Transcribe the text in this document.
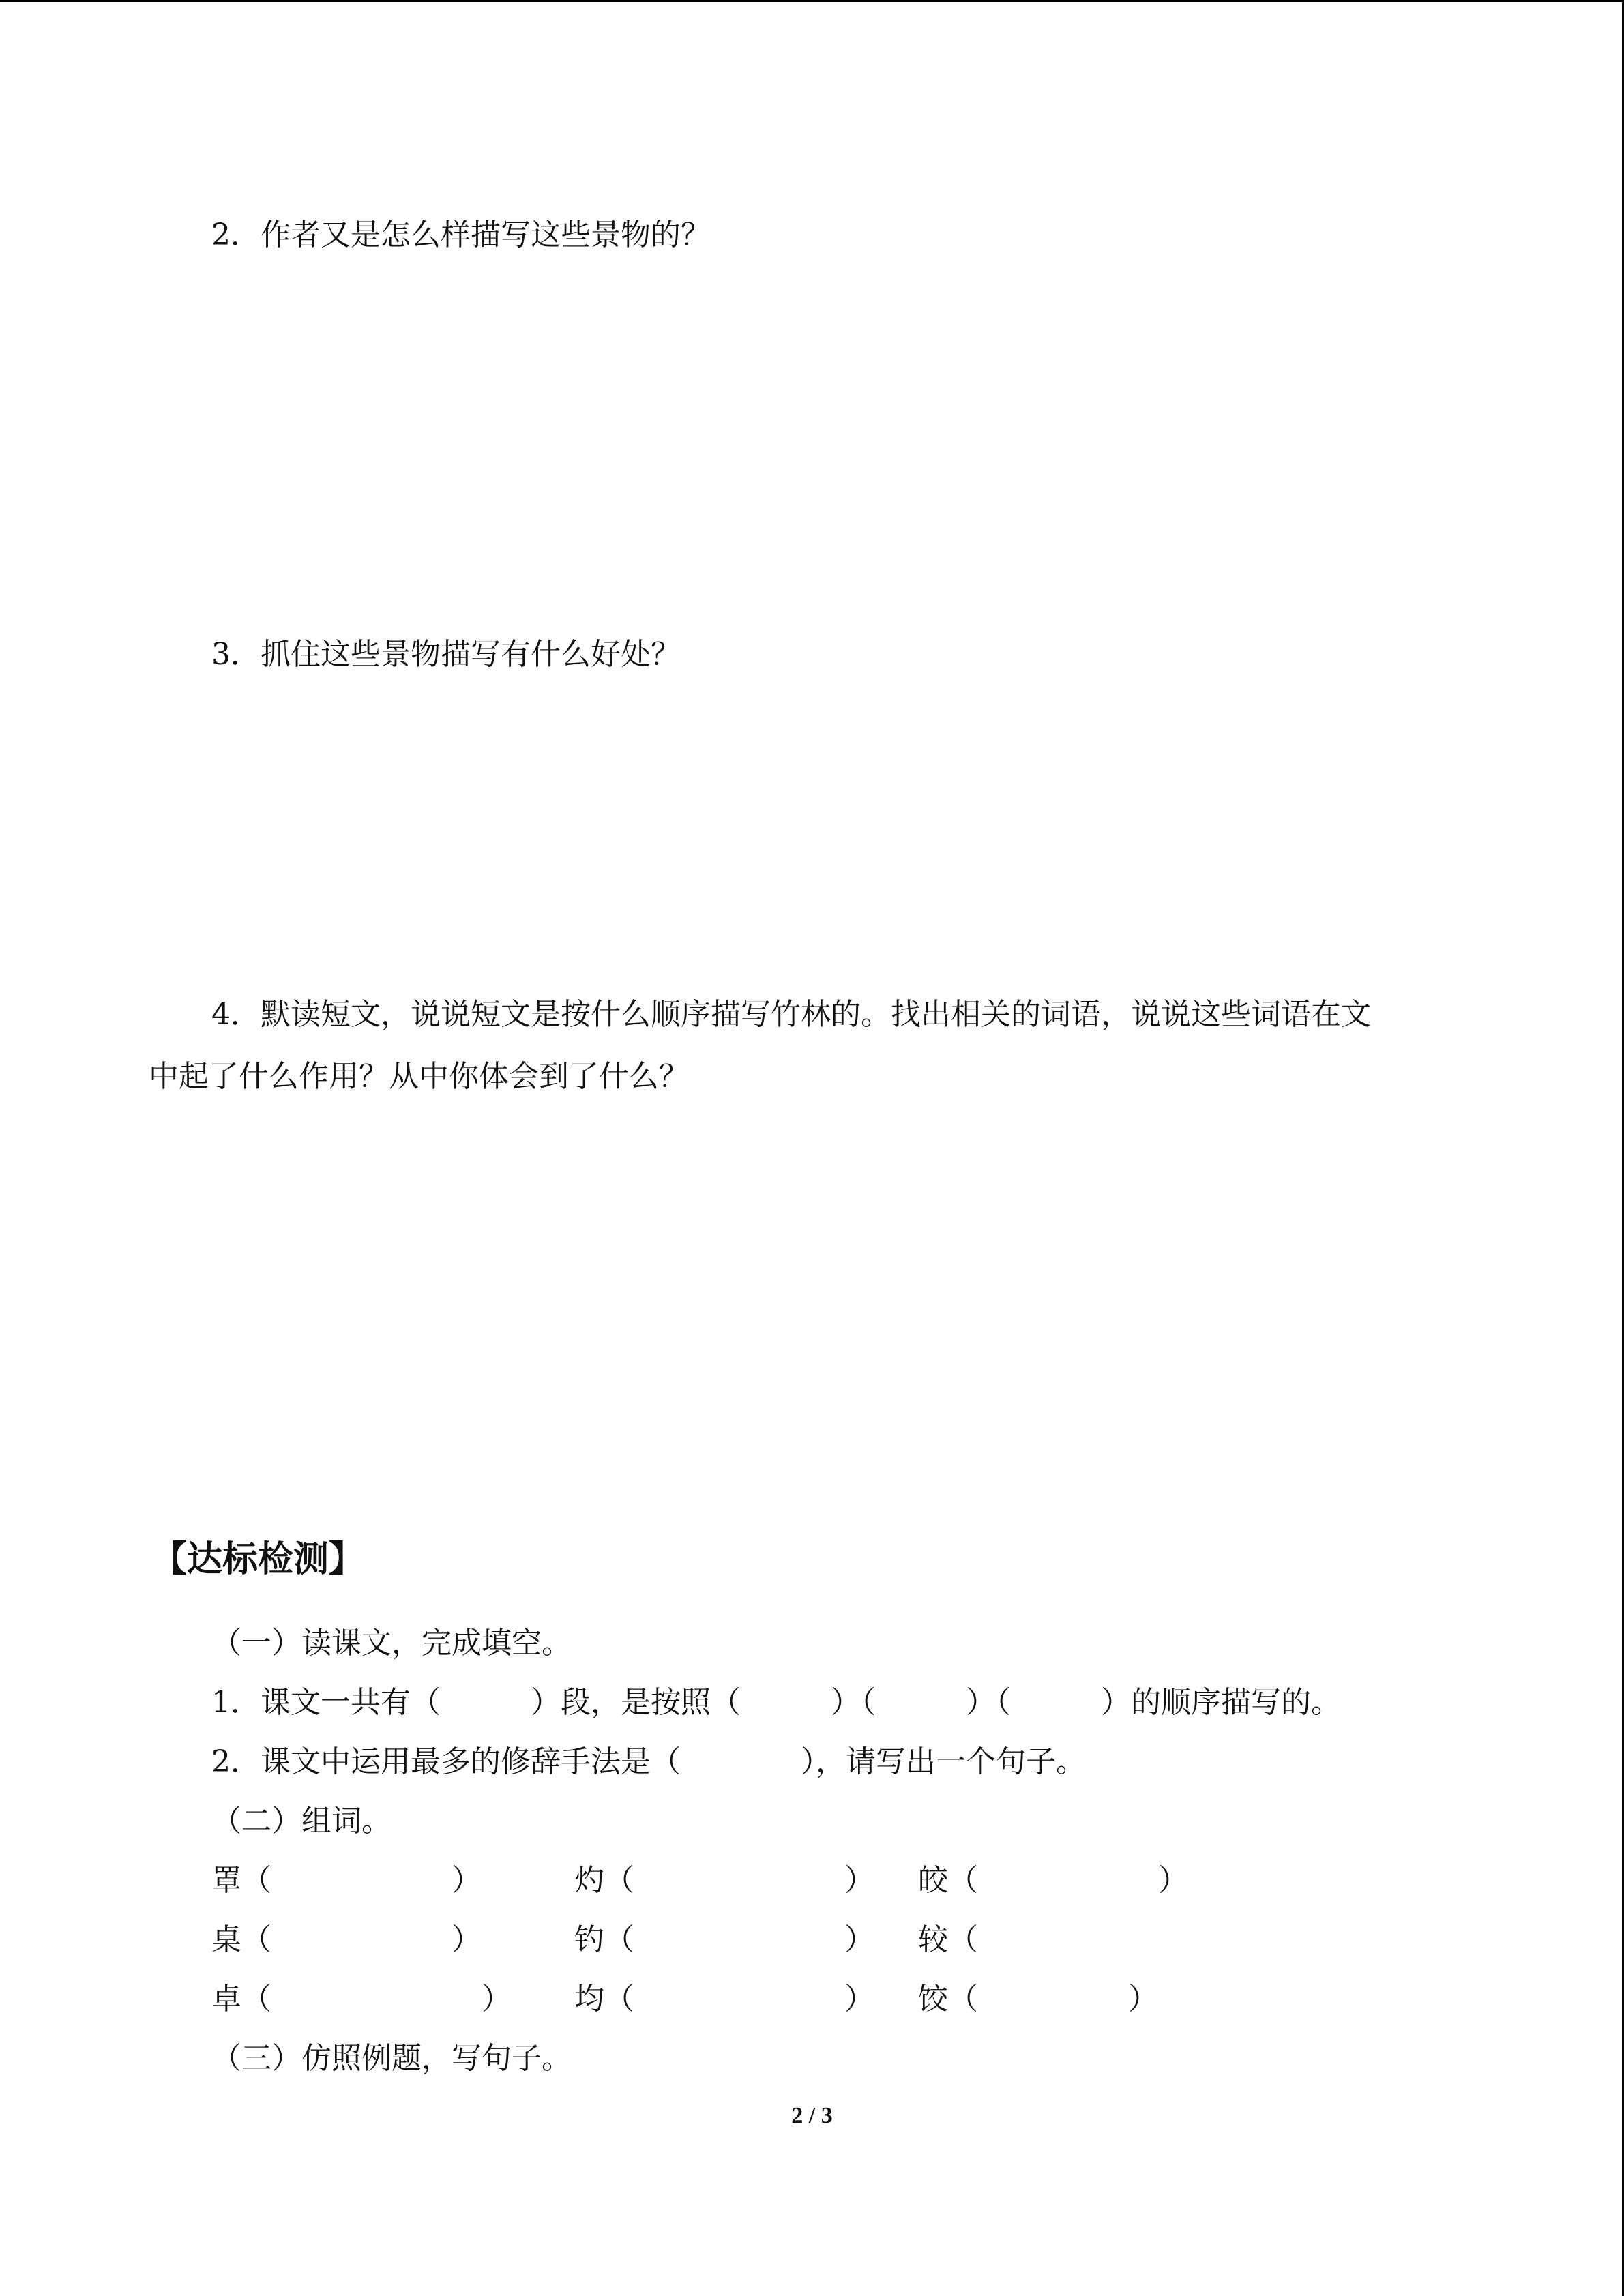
2．作者又是怎么样描写这些景物的？
3．抓住这些景物描写有什么好处？
4．默读短文，说说短文是按什么顺序描写竹林的。找出相关的词语，说说这些词语在文
中起了什么作用？从中你体会到了什么？
【达标检测】
（一）读课文，完成填空。
1．课文一共有（　　　）段，是按照（　　　）（　　　）（　　　）的顺序描写的。
2．课文中运用最多的修辞手法是（　　　　），请写出一个句子。
（二）组词。
罩（　　　　　　）	灼（　　　　　　　） 皎（　　　　　　）
桌（　　　　　　）	钓（　　　　　　　） 较（
卓（　　　　　　　） 均（　　　　　　　） 饺（　　　　　）
（三）仿照例题，写句子。
2 / 3
